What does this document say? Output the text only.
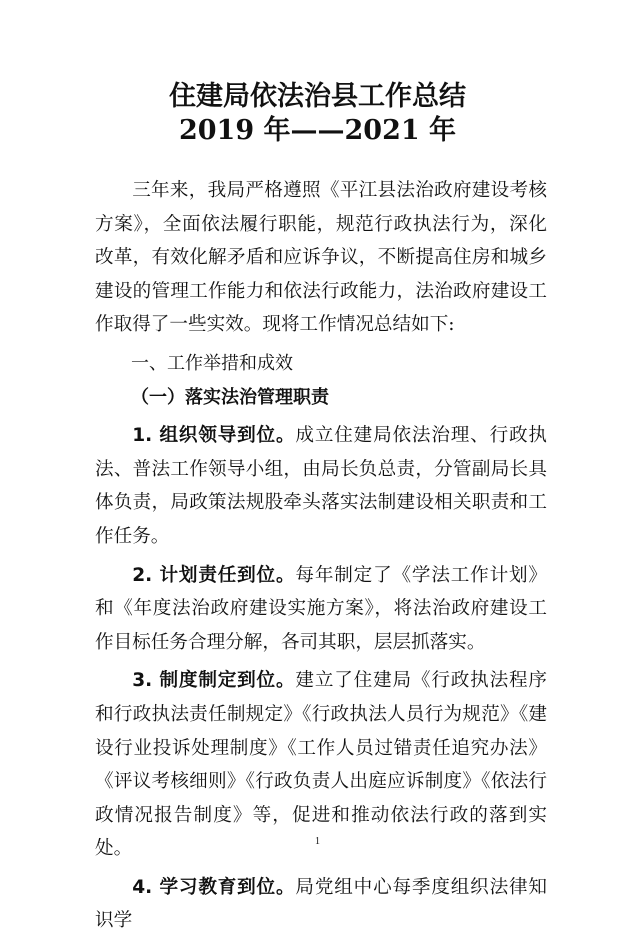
住建局依法治县工作总结
2019 年——2021 年

三年来，我局严格遵照《平江县法治政府建设考核方案》，全面依法履行职能，规范行政执法行为，深化改革，有效化解矛盾和应诉争议，不断提高住房和城乡建设的管理工作能力和依法行政能力，法治政府建设工作取得了一些实效。现将工作情况总结如下:

一、工作举措和成效

（一）落实法治管理职责

1. 组织领导到位。成立住建局依法治理、行政执法、普法工作领导小组，由局长负总责，分管副局长具体负责，局政策法规股牵头落实法制建设相关职责和工作任务。

2. 计划责任到位。每年制定了《学法工作计划》和《年度法治政府建设实施方案》，将法治政府建设工作目标任务合理分解，各司其职，层层抓落实。

3. 制度制定到位。建立了住建局《行政执法程序和行政执法责任制规定》《行政执法人员行为规范》《建设行业投诉处理制度》《工作人员过错责任追究办法》《评议考核细则》《行政负责人出庭应诉制度》《依法行政情况报告制度》等，促进和推动依法行政的落到实处。

4. 学习教育到位。局党组中心每季度组织法律知识学

1
